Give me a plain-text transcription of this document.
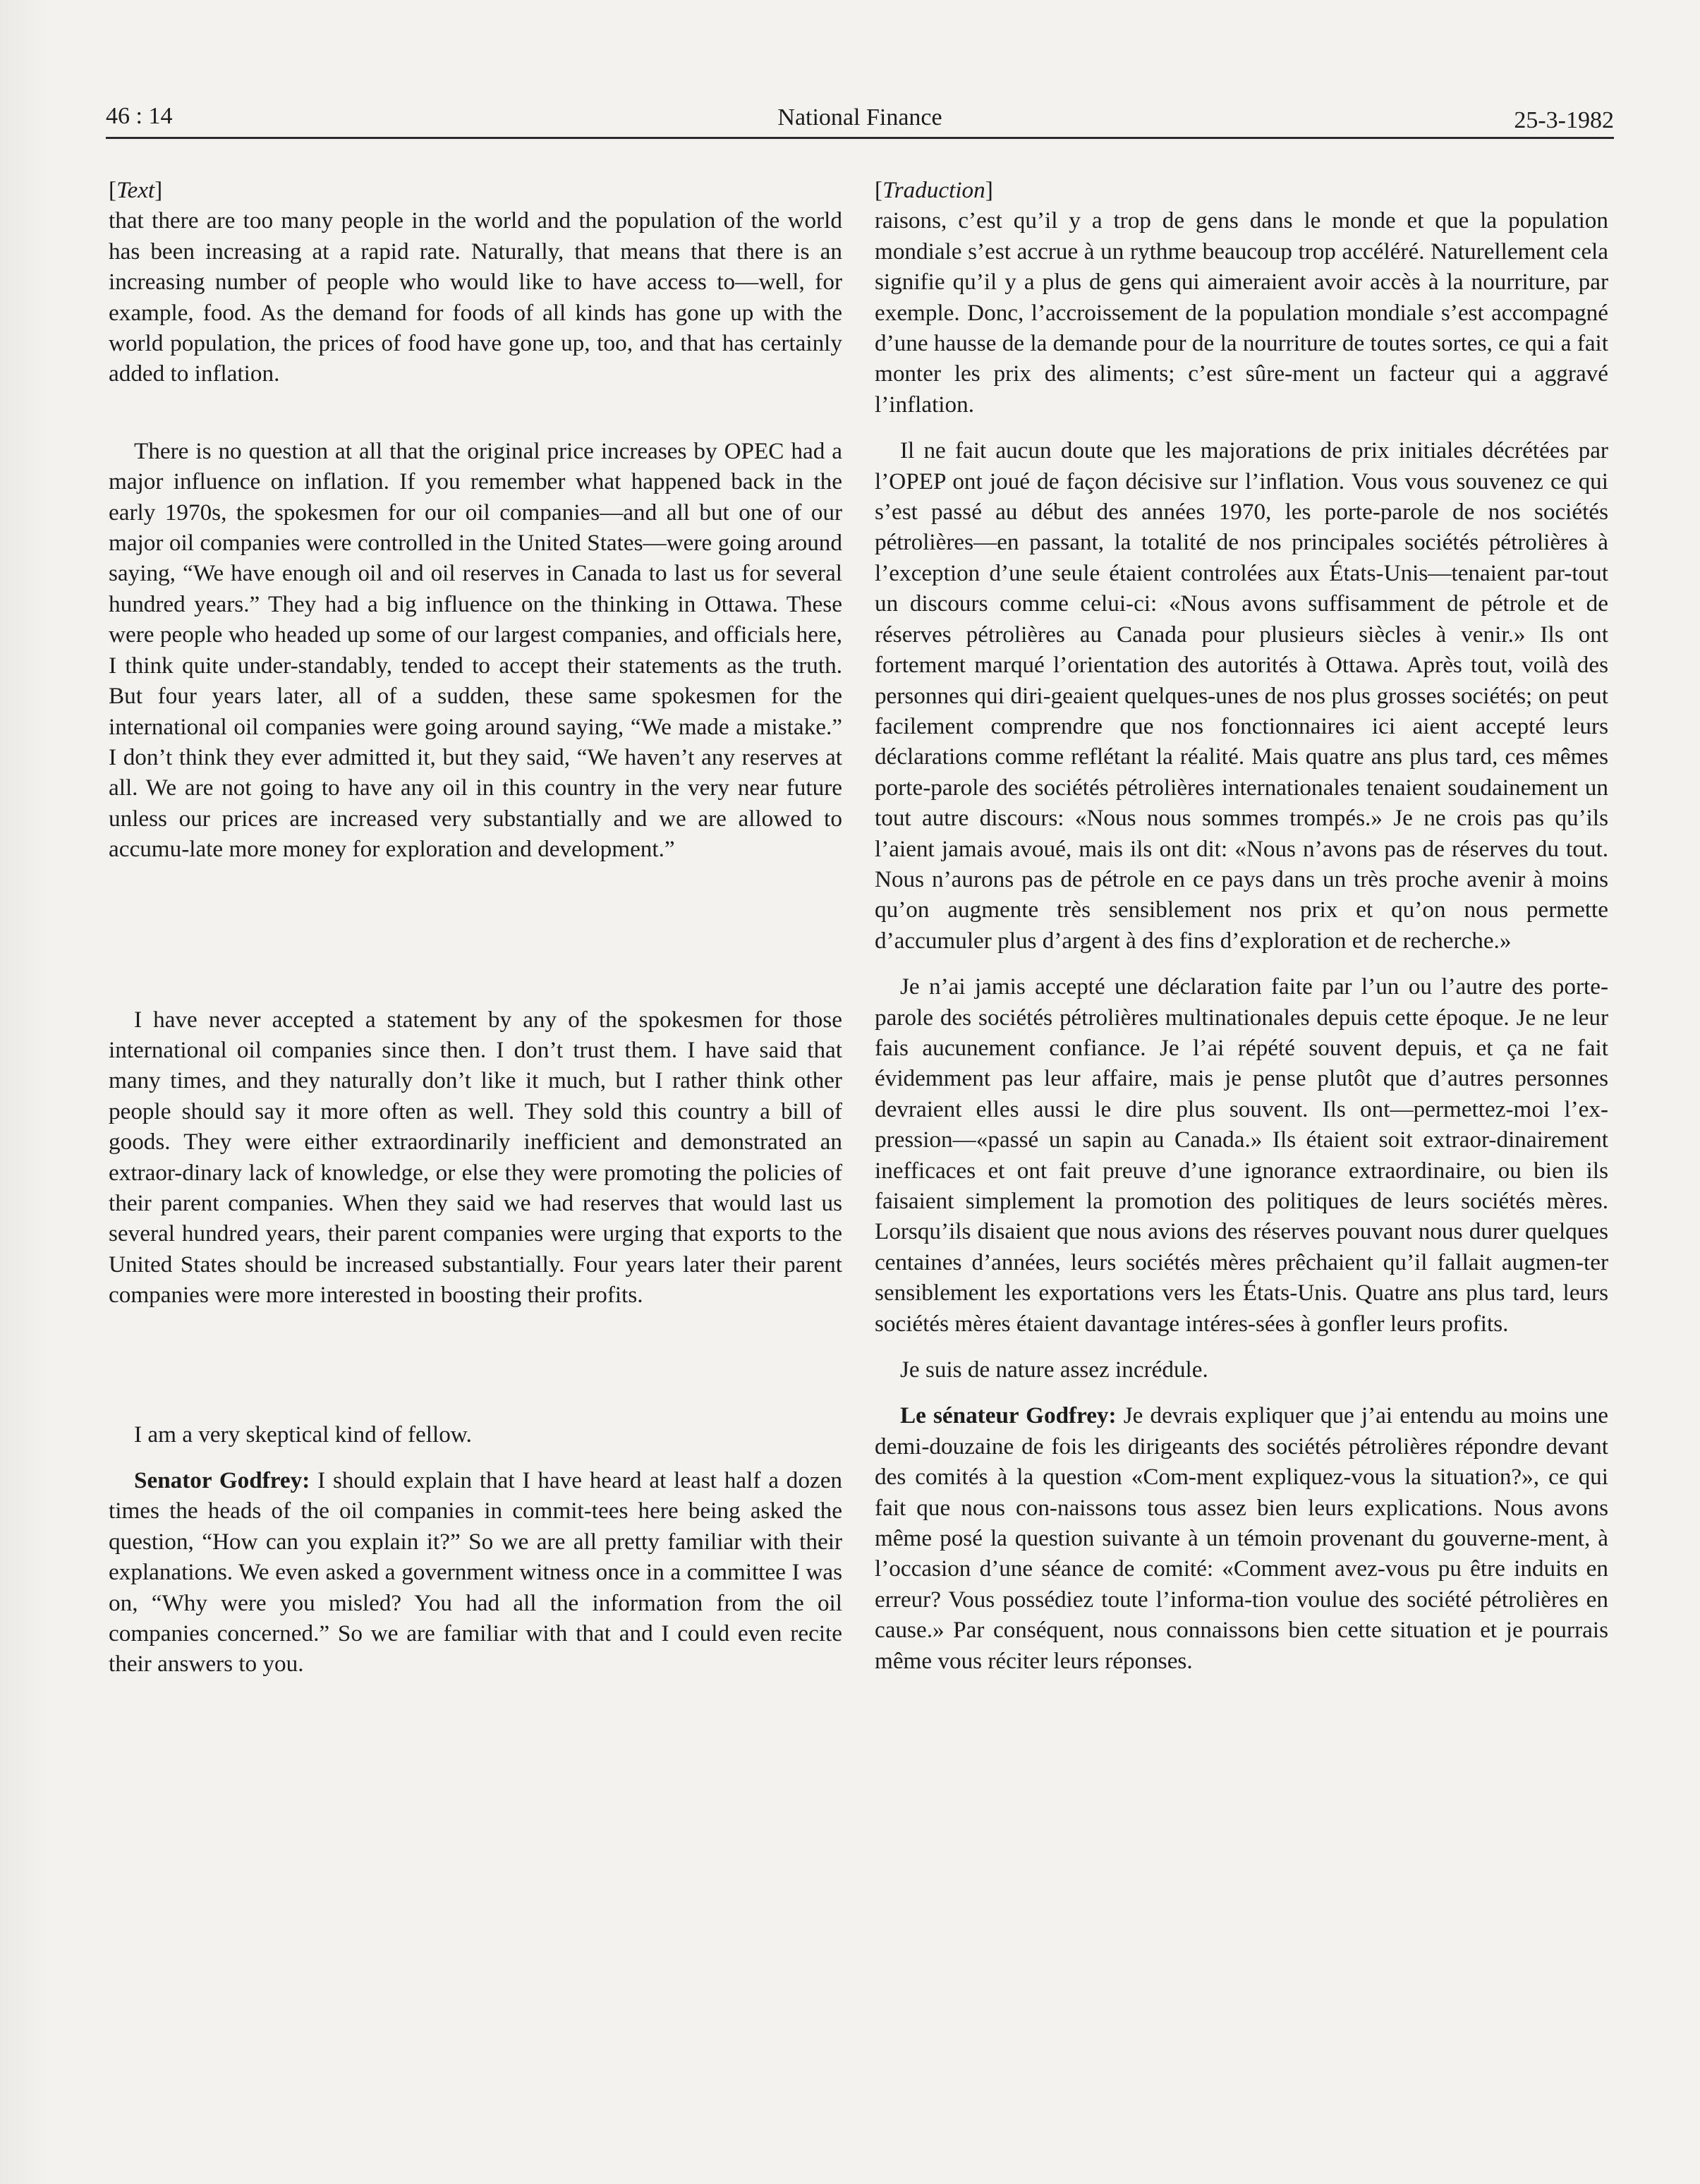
46 : 14	National Finance	25-3-1982
[Text]

that there are too many people in the world and the population of the world has been increasing at a rapid rate. Naturally, that means that there is an increasing number of people who would like to have access to—well, for example, food. As the demand for foods of all kinds has gone up with the world population, the prices of food have gone up, too, and that has certainly added to inflation.

There is no question at all that the original price increases by OPEC had a major influence on inflation. If you remember what happened back in the early 1970s, the spokesmen for our oil companies—and all but one of our major oil companies were controlled in the United States—were going around saying, “We have enough oil and oil reserves in Canada to last us for several hundred years.” They had a big influence on the thinking in Ottawa. These were people who headed up some of our largest companies, and officials here, I think quite under-standably, tended to accept their statements as the truth. But four years later, all of a sudden, these same spokesmen for the international oil companies were going around saying, “We made a mistake.” I don’t think they ever admitted it, but they said, “We haven’t any reserves at all. We are not going to have any oil in this country in the very near future unless our prices are increased very substantially and we are allowed to accumu-late more money for exploration and development.”

I have never accepted a statement by any of the spokesmen for those international oil companies since then. I don’t trust them. I have said that many times, and they naturally don’t like it much, but I rather think other people should say it more often as well. They sold this country a bill of goods. They were either extraordinarily inefficient and demonstrated an extraor-dinary lack of knowledge, or else they were promoting the policies of their parent companies. When they said we had reserves that would last us several hundred years, their parent companies were urging that exports to the United States should be increased substantially. Four years later their parent companies were more interested in boosting their profits.

I am a very skeptical kind of fellow.

Senator Godfrey: I should explain that I have heard at least half a dozen times the heads of the oil companies in commit-tees here being asked the question, “How can you explain it?” So we are all pretty familiar with their explanations. We even asked a government witness once in a committee I was on, “Why were you misled? You had all the information from the oil companies concerned.” So we are familiar with that and I could even recite their answers to you.

[Traduction]

raisons, c’est qu’il y a trop de gens dans le monde et que la population mondiale s’est accrue à un rythme beaucoup trop accéléré. Naturellement cela signifie qu’il y a plus de gens qui aimeraient avoir accès à la nourriture, par exemple. Donc, l’accroissement de la population mondiale s’est accompagné d’une hausse de la demande pour de la nourriture de toutes sortes, ce qui a fait monter les prix des aliments; c’est sûre-ment un facteur qui a aggravé l’inflation.

Il ne fait aucun doute que les majorations de prix initiales décrétées par l’OPEP ont joué de façon décisive sur l’inflation. Vous vous souvenez ce qui s’est passé au début des années 1970, les porte-parole de nos sociétés pétrolières—en passant, la totalité de nos principales sociétés pétrolières à l’exception d’une seule étaient controlées aux États-Unis—tenaient par-tout un discours comme celui-ci: «Nous avons suffisamment de pétrole et de réserves pétrolières au Canada pour plusieurs siècles à venir.» Ils ont fortement marqué l’orientation des autorités à Ottawa. Après tout, voilà des personnes qui diri-geaient quelques-unes de nos plus grosses sociétés; on peut facilement comprendre que nos fonctionnaires ici aient accepté leurs déclarations comme reflétant la réalité. Mais quatre ans plus tard, ces mêmes porte-parole des sociétés pétrolières internationales tenaient soudainement un tout autre discours: «Nous nous sommes trompés.» Je ne crois pas qu’ils l’aient jamais avoué, mais ils ont dit: «Nous n’avons pas de réserves du tout. Nous n’aurons pas de pétrole en ce pays dans un très proche avenir à moins qu’on augmente très sensiblement nos prix et qu’on nous permette d’accumuler plus d’argent à des fins d’exploration et de recherche.»

Je n’ai jamis accepté une déclaration faite par l’un ou l’autre des porte-parole des sociétés pétrolières multinationales depuis cette époque. Je ne leur fais aucunement confiance. Je l’ai répété souvent depuis, et ça ne fait évidemment pas leur affaire, mais je pense plutôt que d’autres personnes devraient elles aussi le dire plus souvent. Ils ont—permettez-moi l’ex-pression—«passé un sapin au Canada.» Ils étaient soit extraor-dinairement inefficaces et ont fait preuve d’une ignorance extraordinaire, ou bien ils faisaient simplement la promotion des politiques de leurs sociétés mères. Lorsqu’ils disaient que nous avions des réserves pouvant nous durer quelques centaines d’années, leurs sociétés mères prêchaient qu’il fallait augmen-ter sensiblement les exportations vers les États-Unis. Quatre ans plus tard, leurs sociétés mères étaient davantage intéres-sées à gonfler leurs profits.

Je suis de nature assez incrédule.

Le sénateur Godfrey: Je devrais expliquer que j’ai entendu au moins une demi-douzaine de fois les dirigeants des sociétés pétrolières répondre devant des comités à la question «Com-ment expliquez-vous la situation?», ce qui fait que nous con-naissons tous assez bien leurs explications. Nous avons même posé la question suivante à un témoin provenant du gouverne-ment, à l’occasion d’une séance de comité: «Comment avez-vous pu être induits en erreur? Vous possédiez toute l’informa-tion voulue des société pétrolières en cause.» Par conséquent, nous connaissons bien cette situation et je pourrais même vous réciter leurs réponses.
